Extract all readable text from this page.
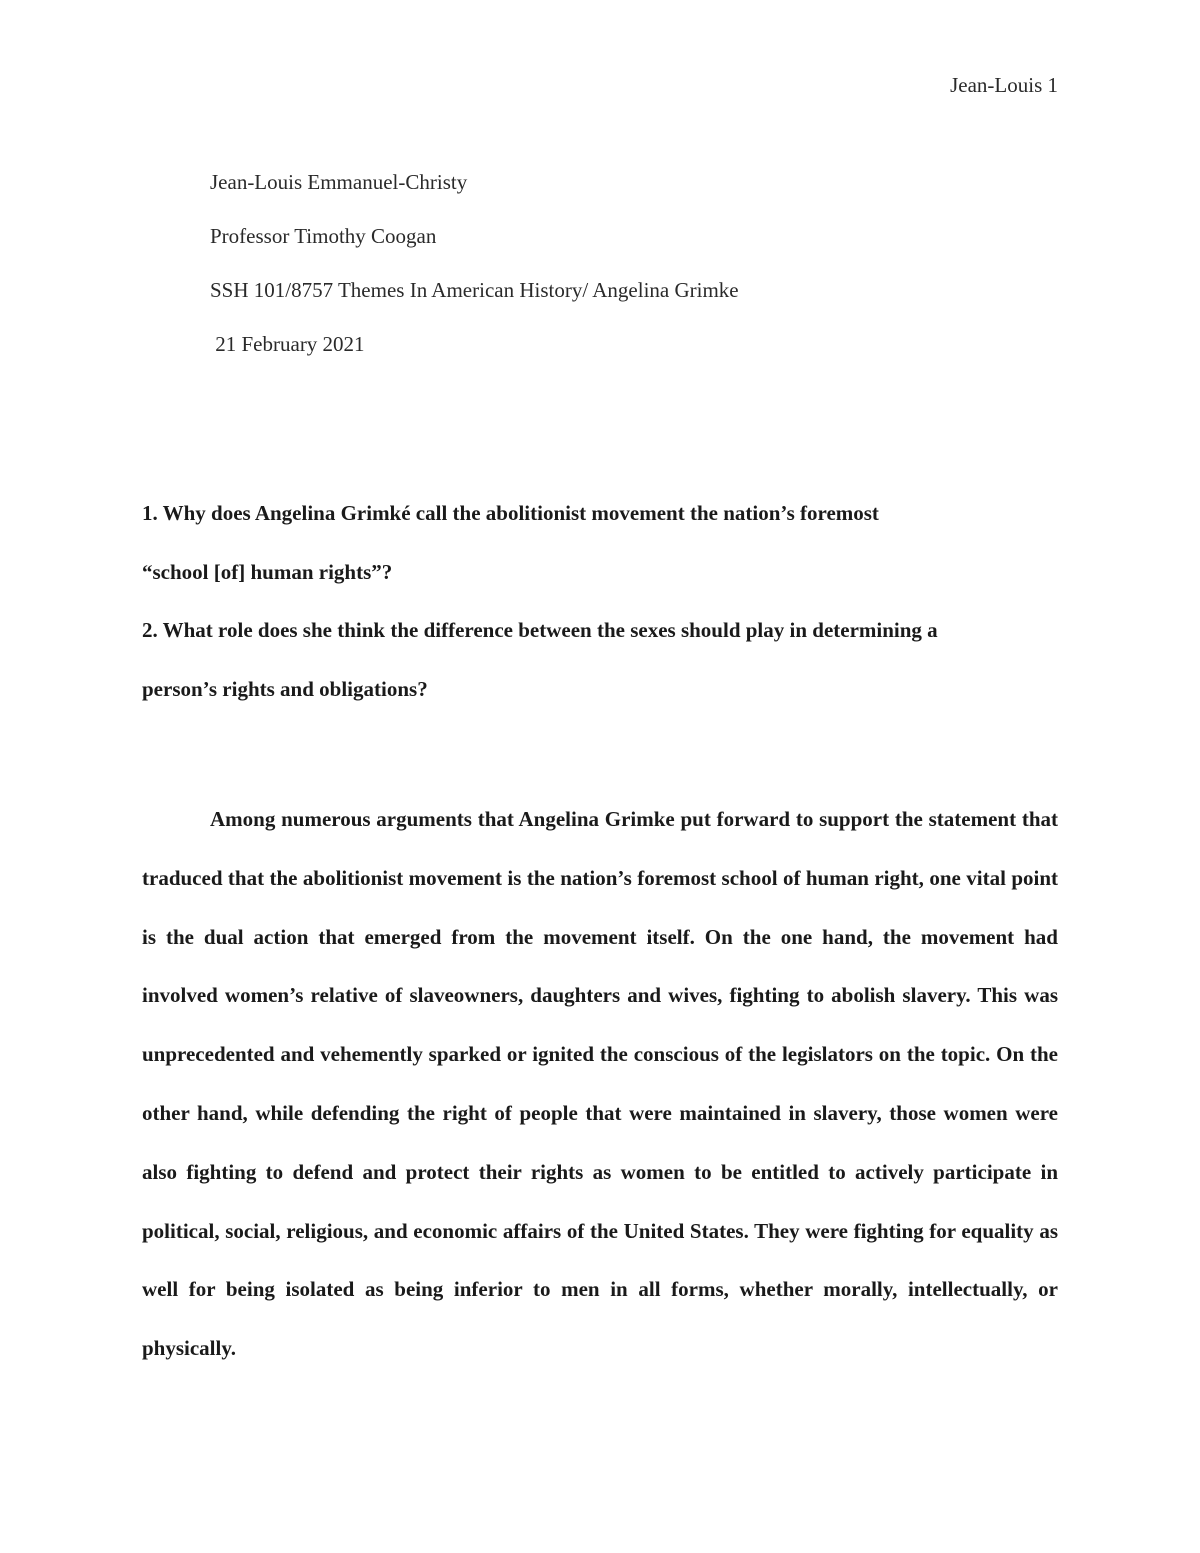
Jean-Louis 1
Jean-Louis Emmanuel-Christy
Professor Timothy Coogan
SSH 101/8757 Themes In American History/ Angelina Grimke
21 February 2021
1. Why does Angelina Grimké call the abolitionist movement the nation’s foremost
“school [of] human rights”?
2. What role does she think the difference between the sexes should play in determining a
person’s rights and obligations?

Among numerous arguments that Angelina Grimke put forward to support the statement that traduced that the abolitionist movement is the nation’s foremost school of human right, one vital point is the dual action that emerged from the movement itself. On the one hand, the movement had involved women’s relative of slaveowners, daughters and wives, fighting to abolish slavery. This was unprecedented and vehemently sparked or ignited the conscious of the legislators on the topic. On the other hand, while defending the right of people that were maintained in slavery, those women were also fighting to defend and protect their rights as women to be entitled to actively participate in political, social, religious, and economic affairs of the United States. They were fighting for equality as well for being isolated as being inferior to men in all forms, whether morally, intellectually, or physically.
